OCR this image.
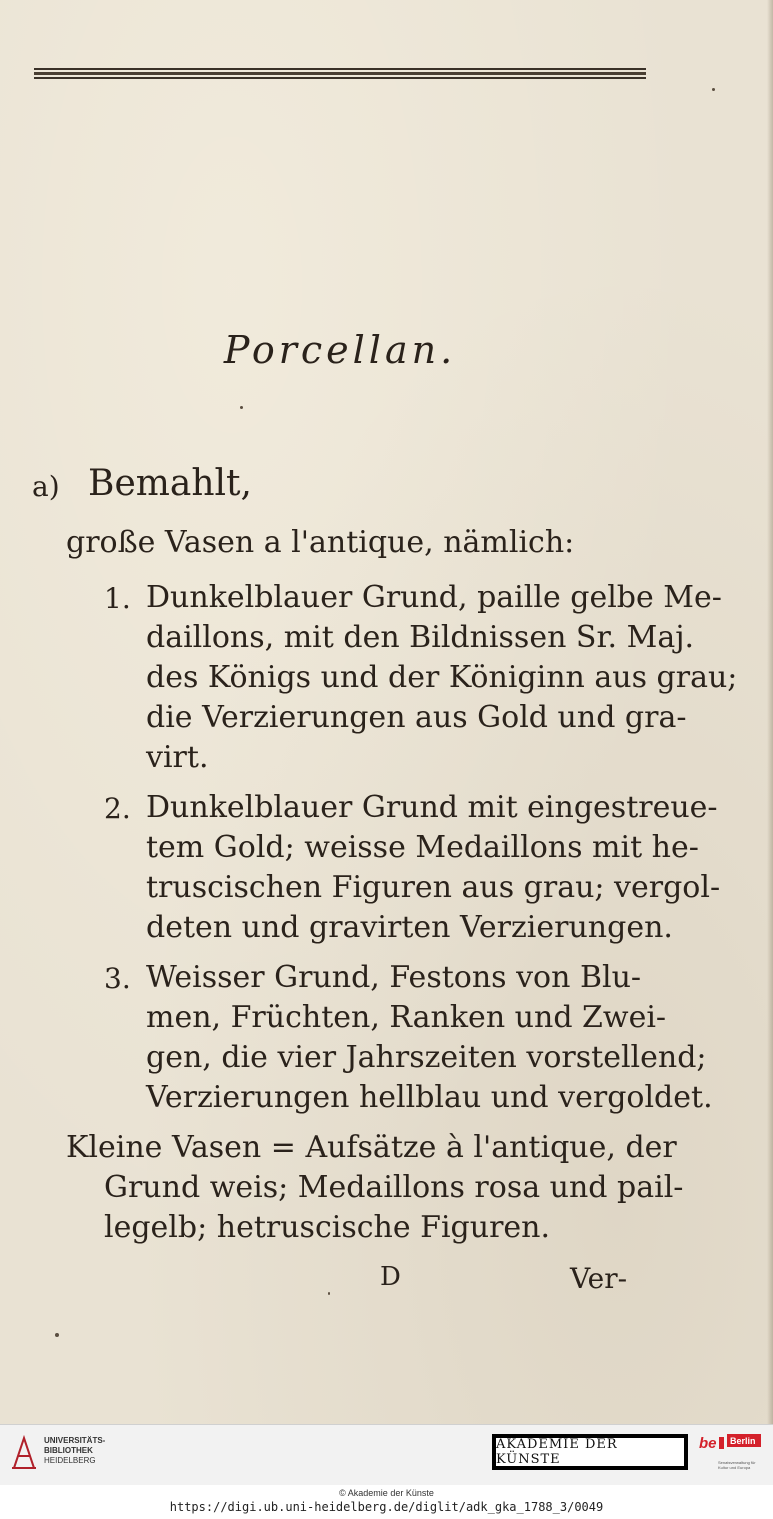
Porcellan.
a) Bemahlt,
große Vasen a l'antique, nämlich:
1. Dunkelblauer Grund, paille gelbe Me-
daillons, mit den Bildnissen Sr. Maj.
des Königs und der Königinn aus grau;
die Verzierungen aus Gold und gra-
virt.
2. Dunkelblauer Grund mit eingestreue-
tem Gold; weisse Medaillons mit he-
truscischen Figuren aus grau; vergol-
deten und gravirten Verzierungen.
3. Weisser Grund, Festons von Blu-
men, Früchten, Ranken und Zwei-
gen, die vier Jahrszeiten vorstellend;
Verzierungen hellblau und vergoldet.
Kleine Vasen = Aufsätze à l'antique, der
Grund weis; Medaillons rosa und pail-
legelb; hetruscische Figuren.
D	Ver-
UNIVERSITÄTS-
BIBLIOTHEK
HEIDELBERG
AKADEMIE DER KÜNSTE
be Berlin
Senatsverwaltung für Kultur und Europa
© Akademie der Künste
https://digi.ub.uni-heidelberg.de/diglit/adk_gka_1788_3/0049
